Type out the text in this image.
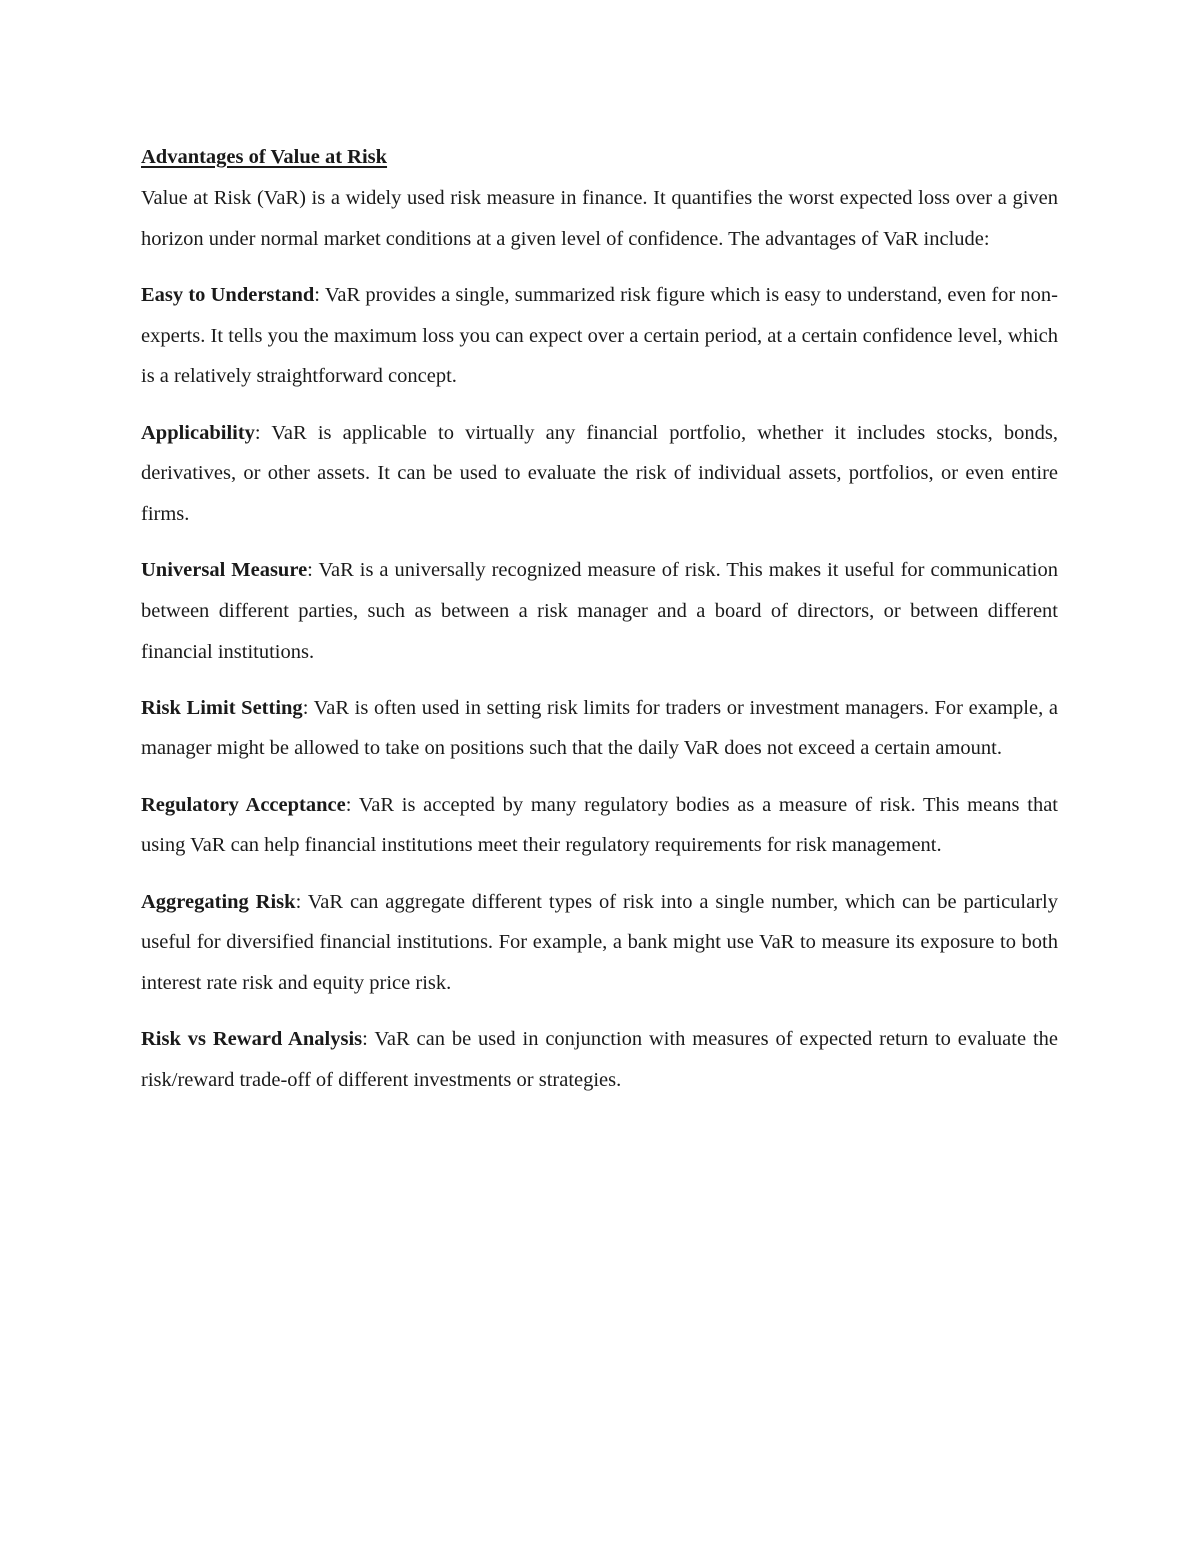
Advantages of Value at Risk

Value at Risk (VaR) is a widely used risk measure in finance. It quantifies the worst expected loss over a given horizon under normal market conditions at a given level of confidence. The advantages of VaR include:

Easy to Understand: VaR provides a single, summarized risk figure which is easy to understand, even for non-experts. It tells you the maximum loss you can expect over a certain period, at a certain confidence level, which is a relatively straightforward concept.

Applicability: VaR is applicable to virtually any financial portfolio, whether it includes stocks, bonds, derivatives, or other assets. It can be used to evaluate the risk of individual assets, portfolios, or even entire firms.

Universal Measure: VaR is a universally recognized measure of risk. This makes it useful for communication between different parties, such as between a risk manager and a board of directors, or between different financial institutions.

Risk Limit Setting: VaR is often used in setting risk limits for traders or investment managers. For example, a manager might be allowed to take on positions such that the daily VaR does not exceed a certain amount.

Regulatory Acceptance: VaR is accepted by many regulatory bodies as a measure of risk. This means that using VaR can help financial institutions meet their regulatory requirements for risk management.

Aggregating Risk: VaR can aggregate different types of risk into a single number, which can be particularly useful for diversified financial institutions. For example, a bank might use VaR to measure its exposure to both interest rate risk and equity price risk.

Risk vs Reward Analysis: VaR can be used in conjunction with measures of expected return to evaluate the risk/reward trade-off of different investments or strategies.
